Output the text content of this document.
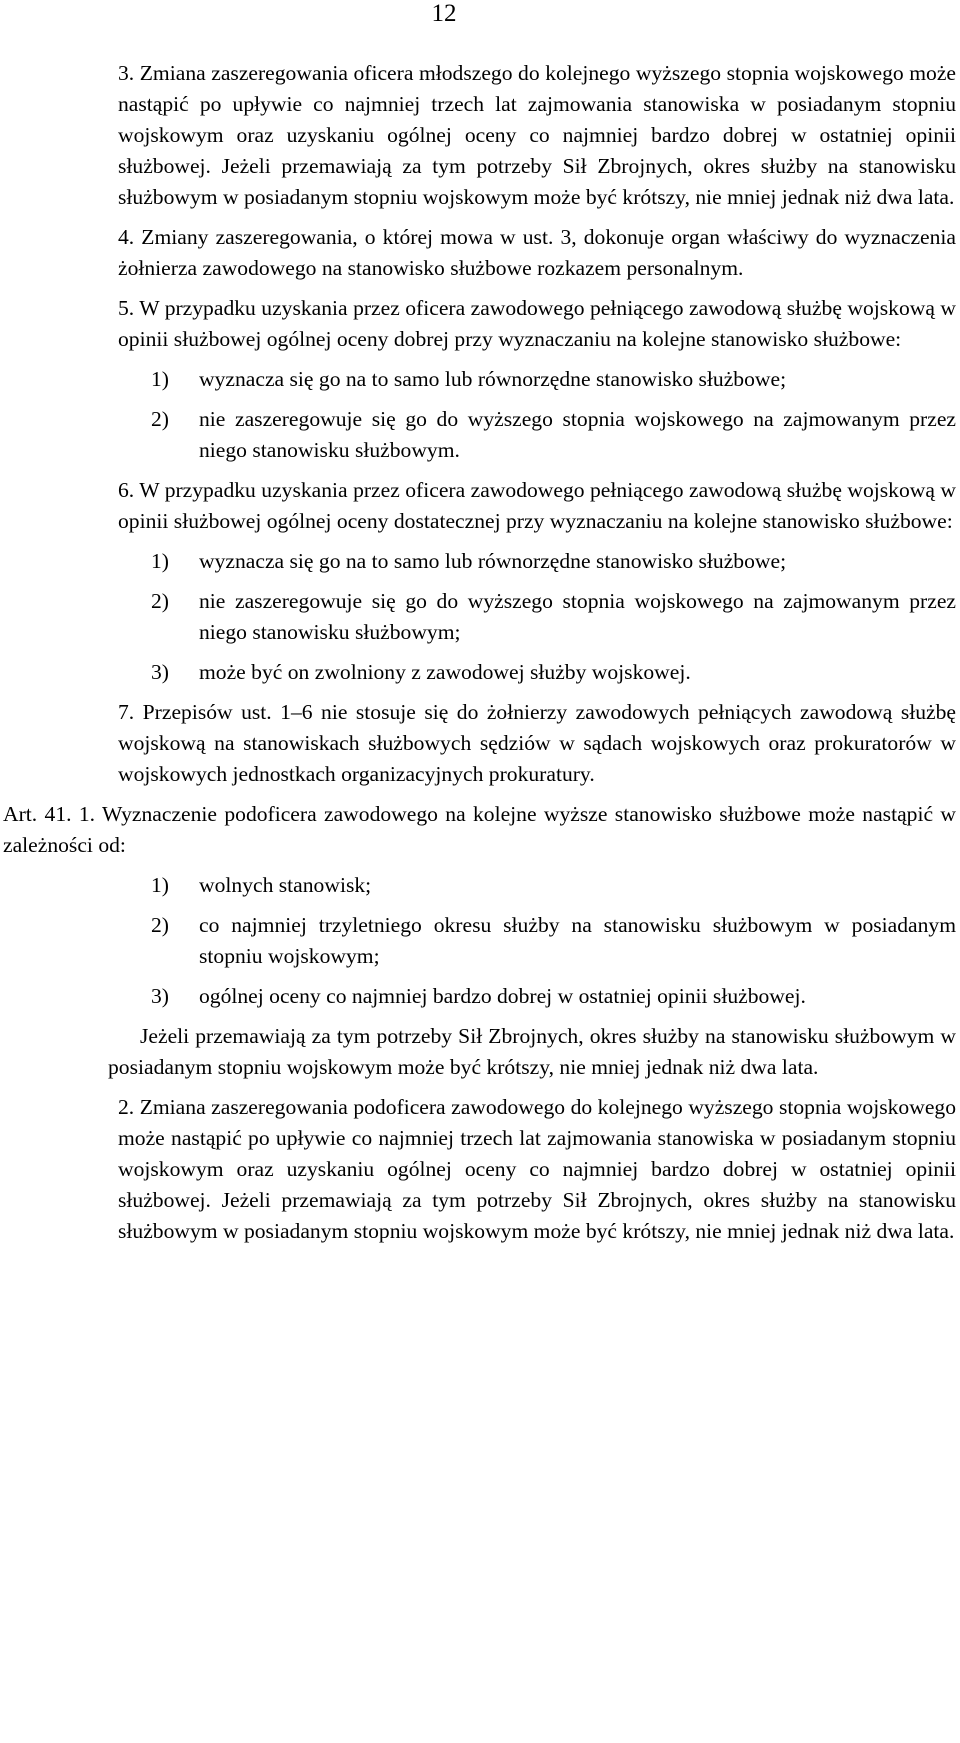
12

3. Zmiana zaszeregowania oficera młodszego do kolejnego wyższego stopnia wojskowego może nastąpić po upływie co najmniej trzech lat zajmowania stanowiska w posiadanym stopniu wojskowym oraz uzyskaniu ogólnej oceny co najmniej bardzo dobrej w ostatniej opinii służbowej. Jeżeli przemawiają za tym potrzeby Sił Zbrojnych, okres służby na stanowisku służbowym w posiadanym stopniu wojskowym może być krótszy, nie mniej jednak niż dwa lata.

4. Zmiany zaszeregowania, o której mowa w ust. 3, dokonuje organ właściwy do wyznaczenia żołnierza zawodowego na stanowisko służbowe rozkazem personalnym.

5. W przypadku uzyskania przez oficera zawodowego pełniącego zawodową służbę wojskową w opinii służbowej ogólnej oceny dobrej przy wyznaczaniu na kolejne stanowisko służbowe:

1)	wyznacza się go na to samo lub równorzędne stanowisko służbowe;
2)	nie zaszeregowuje się go do wyższego stopnia wojskowego na zajmowanym przez niego stanowisku służbowym.

6. W przypadku uzyskania przez oficera zawodowego pełniącego zawodową służbę wojskową w opinii służbowej ogólnej oceny dostatecznej przy wyznaczaniu na kolejne stanowisko służbowe:

1)	wyznacza się go na to samo lub równorzędne stanowisko służbowe;
2)	nie zaszeregowuje się go do wyższego stopnia wojskowego na zajmowanym przez niego stanowisku służbowym;
3)	może być on zwolniony z zawodowej służby wojskowej.

7. Przepisów ust. 1–6 nie stosuje się do żołnierzy zawodowych pełniących zawodową służbę wojskową na stanowiskach służbowych sędziów w sądach wojskowych oraz prokuratorów w wojskowych jednostkach organizacyjnych prokuratury.

Art. 41. 1. Wyznaczenie podoficera zawodowego na kolejne wyższe stanowisko służbowe może nastąpić w zależności od:

1)	wolnych stanowisk;
2)	co najmniej trzyletniego okresu służby na stanowisku służbowym w posiadanym stopniu wojskowym;
3)	ogólnej oceny co najmniej bardzo dobrej w ostatniej opinii służbowej.

Jeżeli przemawiają za tym potrzeby Sił Zbrojnych, okres służby na stanowisku służbowym w posiadanym stopniu wojskowym może być krótszy, nie mniej jednak niż dwa lata.

2. Zmiana zaszeregowania podoficera zawodowego do kolejnego wyższego stopnia wojskowego może nastąpić po upływie co najmniej trzech lat zajmowania stanowiska w posiadanym stopniu wojskowym oraz uzyskaniu ogólnej oceny co najmniej bardzo dobrej w ostatniej opinii służbowej. Jeżeli przemawiają za tym potrzeby Sił Zbrojnych, okres służby na stanowisku służbowym w posiadanym stopniu wojskowym może być krótszy, nie mniej jednak niż dwa lata.
